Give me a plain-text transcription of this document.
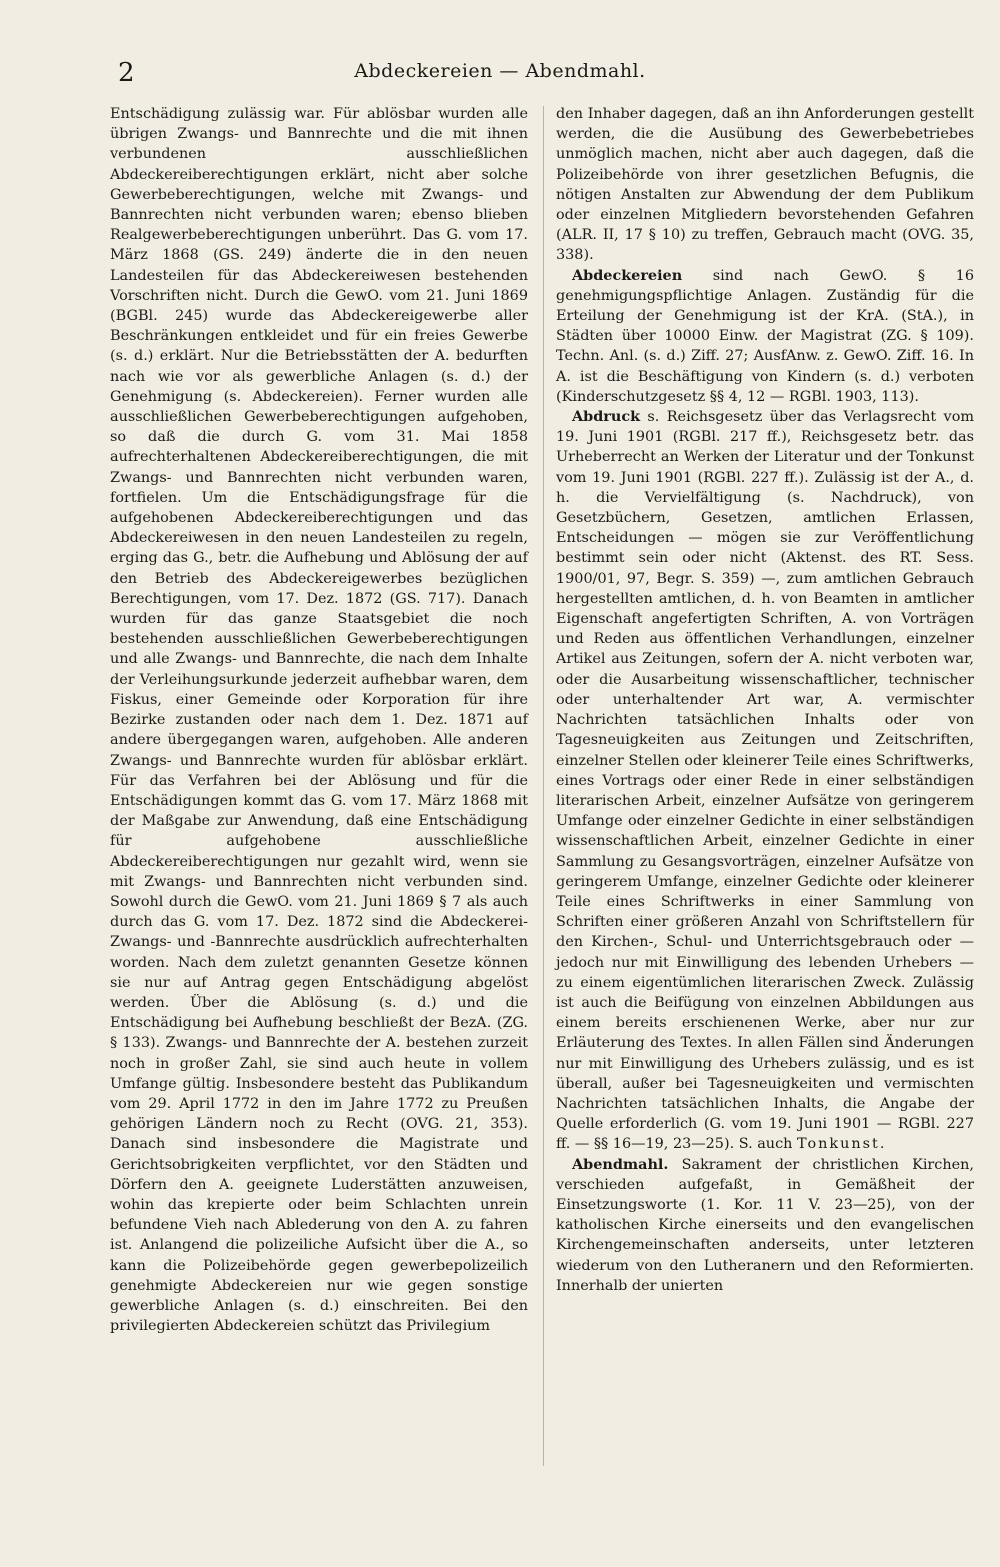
2	Abdeckereien — Abendmahl.

Entschädigung zulässig war. Für ablösbar wurden alle übrigen Zwangs- und Bannrechte und die mit ihnen verbundenen ausschließlichen Abdeckereiberechtigungen erklärt, nicht aber solche Gewerbeberechtigungen, welche mit Zwangs- und Bannrechten nicht verbunden waren; ebenso blieben Realgewerbeberechtigungen unberührt. Das G. vom 17. März 1868 (GS. 249) änderte die in den neuen Landesteilen für das Abdeckereiwesen bestehenden Vorschriften nicht. Durch die GewO. vom 21. Juni 1869 (BGBl. 245) wurde das Abdeckereigewerbe aller Beschränkungen entkleidet und für ein freies Gewerbe (s. d.) erklärt. Nur die Betriebsstätten der A. bedurften nach wie vor als gewerbliche Anlagen (s. d.) der Genehmigung (s. Abdeckereien). Ferner wurden alle ausschließlichen Gewerbeberechtigungen aufgehoben, so daß die durch G. vom 31. Mai 1858 aufrechterhaltenen Abdeckereiberechtigungen, die mit Zwangs- und Bannrechten nicht verbunden waren, fortfielen. Um die Entschädigungsfrage für die aufgehobenen Abdeckereiberechtigungen und das Abdeckereiwesen in den neuen Landesteilen zu regeln, erging das G., betr. die Aufhebung und Ablösung der auf den Betrieb des Abdeckereigewerbes bezüglichen Berechtigungen, vom 17. Dez. 1872 (GS. 717). Danach wurden für das ganze Staatsgebiet die noch bestehenden ausschließlichen Gewerbeberechtigungen und alle Zwangs- und Bannrechte, die nach dem Inhalte der Verleihungsurkunde jederzeit aufhebbar waren, dem Fiskus, einer Gemeinde oder Korporation für ihre Bezirke zustanden oder nach dem 1. Dez. 1871 auf andere übergegangen waren, aufgehoben. Alle anderen Zwangs- und Bannrechte wurden für ablösbar erklärt. Für das Verfahren bei der Ablösung und für die Entschädigungen kommt das G. vom 17. März 1868 mit der Maßgabe zur Anwendung, daß eine Entschädigung für aufgehobene ausschließliche Abdeckereiberechtigungen nur gezahlt wird, wenn sie mit Zwangs- und Bannrechten nicht verbunden sind. Sowohl durch die GewO. vom 21. Juni 1869 § 7 als auch durch das G. vom 17. Dez. 1872 sind die Abdeckerei-Zwangs- und -Bannrechte ausdrücklich aufrechterhalten worden. Nach dem zuletzt genannten Gesetze können sie nur auf Antrag gegen Entschädigung abgelöst werden. Über die Ablösung (s. d.) und die Entschädigung bei Aufhebung beschließt der BezA. (ZG. § 133). Zwangs- und Bannrechte der A. bestehen zurzeit noch in großer Zahl, sie sind auch heute in vollem Umfange gültig. Insbesondere besteht das Publikandum vom 29. April 1772 in den im Jahre 1772 zu Preußen gehörigen Ländern noch zu Recht (OVG. 21, 353). Danach sind insbesondere die Magistrate und Gerichtsobrigkeiten verpflichtet, vor den Städten und Dörfern den A. geeignete Luderstätten anzuweisen, wohin das krepierte oder beim Schlachten unrein befundene Vieh nach Ablederung von den A. zu fahren ist. Anlangend die polizeiliche Aufsicht über die A., so kann die Polizeibehörde gegen gewerbepolizeilich genehmigte Abdeckereien nur wie gegen sonstige gewerbliche Anlagen (s. d.) einschreiten. Bei den privilegierten Abdeckereien schützt das Privilegium

den Inhaber dagegen, daß an ihn Anforderungen gestellt werden, die die Ausübung des Gewerbebetriebes unmöglich machen, nicht aber auch dagegen, daß die Polizeibehörde von ihrer gesetzlichen Befugnis, die nötigen Anstalten zur Abwendung der dem Publikum oder einzelnen Mitgliedern bevorstehenden Gefahren (ALR. II, 17 § 10) zu treffen, Gebrauch macht (OVG. 35, 338).

Abdeckereien sind nach GewO. § 16 genehmigungspflichtige Anlagen. Zuständig für die Erteilung der Genehmigung ist der KrA. (StA.), in Städten über 10000 Einw. der Magistrat (ZG. § 109). Techn. Anl. (s. d.) Ziff. 27; AusfAnw. z. GewO. Ziff. 16. In A. ist die Beschäftigung von Kindern (s. d.) verboten (Kinderschutzgesetz §§ 4, 12 — RGBl. 1903, 113).

Abdruck s. Reichsgesetz über das Verlagsrecht vom 19. Juni 1901 (RGBl. 217 ff.), Reichsgesetz betr. das Urheberrecht an Werken der Literatur und der Tonkunst vom 19. Juni 1901 (RGBl. 227 ff.). Zulässig ist der A., d. h. die Vervielfältigung (s. Nachdruck), von Gesetzbüchern, Gesetzen, amtlichen Erlassen, Entscheidungen — mögen sie zur Veröffentlichung bestimmt sein oder nicht (Aktenst. des RT. Sess. 1900/01, 97, Begr. S. 359) —, zum amtlichen Gebrauch hergestellten amtlichen, d. h. von Beamten in amtlicher Eigenschaft angefertigten Schriften, A. von Vorträgen und Reden aus öffentlichen Verhandlungen, einzelner Artikel aus Zeitungen, sofern der A. nicht verboten war, oder die Ausarbeitung wissenschaftlicher, technischer oder unterhaltender Art war, A. vermischter Nachrichten tatsächlichen Inhalts oder von Tagesneuigkeiten aus Zeitungen und Zeitschriften, einzelner Stellen oder kleinerer Teile eines Schriftwerks, eines Vortrags oder einer Rede in einer selbständigen literarischen Arbeit, einzelner Aufsätze von geringerem Umfange oder einzelner Gedichte in einer selbständigen wissenschaftlichen Arbeit, einzelner Gedichte in einer Sammlung zu Gesangsvorträgen, einzelner Aufsätze von geringerem Umfange, einzelner Gedichte oder kleinerer Teile eines Schriftwerks in einer Sammlung von Schriften einer größeren Anzahl von Schriftstellern für den Kirchen-, Schul- und Unterrichtsgebrauch oder — jedoch nur mit Einwilligung des lebenden Urhebers — zu einem eigentümlichen literarischen Zweck. Zulässig ist auch die Beifügung von einzelnen Abbildungen aus einem bereits erschienenen Werke, aber nur zur Erläuterung des Textes. In allen Fällen sind Änderungen nur mit Einwilligung des Urhebers zulässig, und es ist überall, außer bei Tagesneuigkeiten und vermischten Nachrichten tatsächlichen Inhalts, die Angabe der Quelle erforderlich (G. vom 19. Juni 1901 — RGBl. 227 ff. — §§ 16—19, 23—25). S. auch Tonkunst.

Abendmahl. Sakrament der christlichen Kirchen, verschieden aufgefaßt, in Gemäßheit der Einsetzungsworte (1. Kor. 11 V. 23—25), von der katholischen Kirche einerseits und den evangelischen Kirchengemeinschaften anderseits, unter letzteren wiederum von den Lutheranern und den Reformierten. Innerhalb der unierten
